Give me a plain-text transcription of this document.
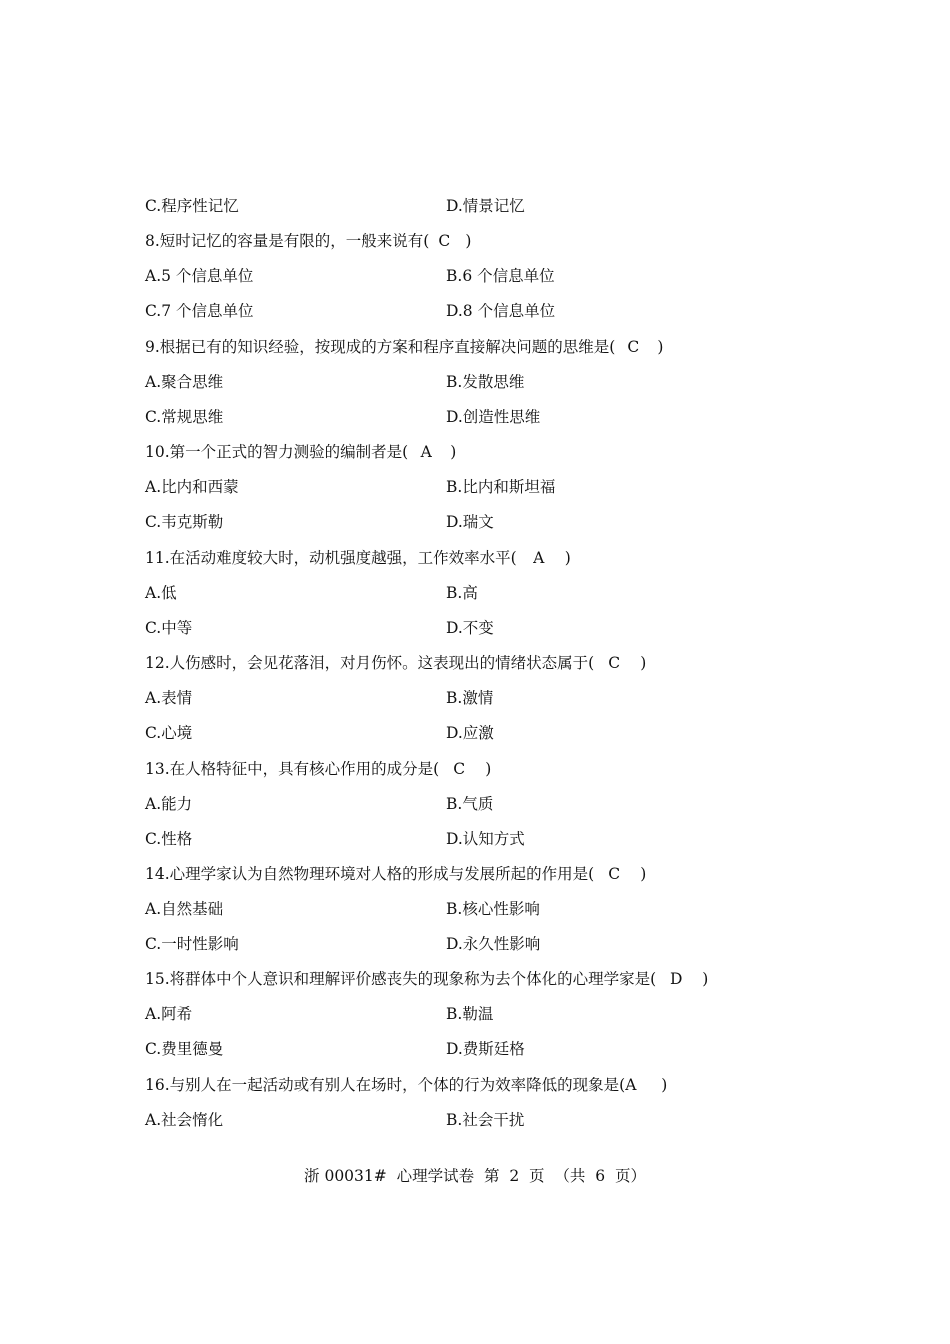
C.程序性记忆	D.情景记忆
8.短时记忆的容量是有限的，一般来说有( C )
A.5 个信息单位	B.6 个信息单位
C.7 个信息单位	D.8 个信息单位
9.根据已有的知识经验，按现成的方案和程序直接解决问题的思维是( C )
A.聚合思维	B.发散思维
C.常规思维	D.创造性思维
10.第一个正式的智力测验的编制者是( A )
A.比内和西蒙	B.比内和斯坦福
C.韦克斯勒	D.瑞文
11.在活动难度较大时，动机强度越强，工作效率水平( A )
A.低	B.高
C.中等	D.不变
12.人伤感时，会见花落泪，对月伤怀。这表现出的情绪状态属于( C )
A.表情	B.激情
C.心境	D.应激
13.在人格特征中，具有核心作用的成分是( C )
A.能力	B.气质
C.性格	D.认知方式
14.心理学家认为自然物理环境对人格的形成与发展所起的作用是( C )
A.自然基础	B.核心性影响
C.一时性影响	D.永久性影响
15.将群体中个人意识和理解评价感丧失的现象称为去个体化的心理学家是( D )
A.阿希	B.勒温
C.费里德曼	D.费斯廷格
16.与别人在一起活动或有别人在场时，个体的行为效率降低的现象是(A )
A.社会惰化	B.社会干扰
浙 00031#  心理学试卷  第  2  页  （共  6  页）
